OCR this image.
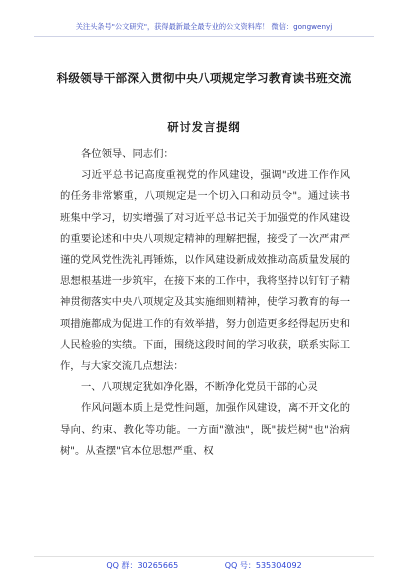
关注头条号"公文研究"，获得最新最全最专业的公文资料库！ 微信：gongwenyj
科级领导干部深入贯彻中央八项规定学习教育读书班交流
研讨发言提纲

各位领导、同志们：

习近平总书记高度重视党的作风建设，强调"改进工作作风的任务非常繁重，八项规定是一个切入口和动员令"。通过读书班集中学习，切实增强了对习近平总书记关于加强党的作风建设的重要论述和中央八项规定精神的理解把握，接受了一次严肃严谨的党风党性洗礼再锤炼，以作风建设新成效推动高质量发展的思想根基进一步筑牢，在接下来的工作中，我将坚持以钉钉子精神贯彻落实中央八项规定及其实施细则精神，使学习教育的每一项措施都成为促进工作的有效举措，努力创造更多经得起历史和人民检验的实绩。下面，围绕这段时间的学习收获，联系实际工作，与大家交流几点想法：

一、八项规定犹如净化器，不断净化党员干部的心灵

作风问题本质上是党性问题，加强作风建设，离不开文化的导向、约束、教化等功能。一方面"激浊"，既"拔烂树"也"治病树"。从查摆"官本位思想严重、权

QQ 群：30265665	QQ 号：535304092
